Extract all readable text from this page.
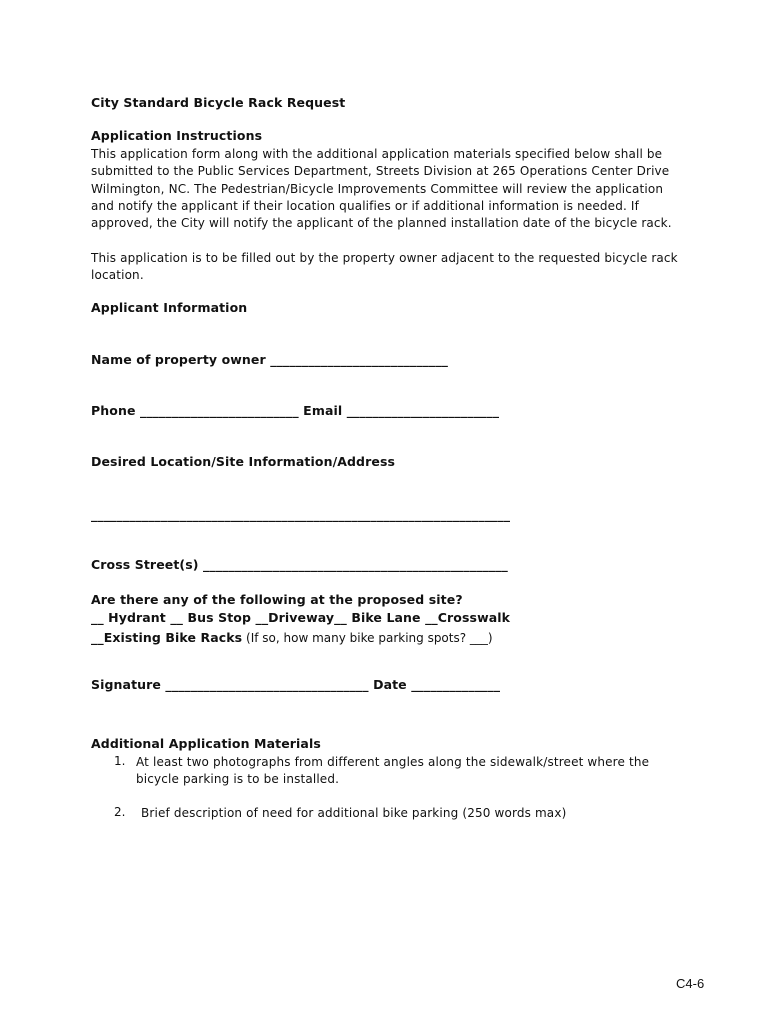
City Standard Bicycle Rack Request
Application Instructions
This application form along with the additional application materials specified below shall be
submitted to the Public Services Department, Streets Division at 265 Operations Center Drive
Wilmington, NC. The Pedestrian/Bicycle Improvements Committee will review the application
and notify the applicant if their location qualifies or if additional information is needed. If
approved, the City will notify the applicant of the planned installation date of the bicycle rack.
This application is to be filled out by the property owner adjacent to the requested bicycle rack
location.
Applicant Information
Name of property owner ____________________________
Phone _________________________ Email ________________________
Desired Location/Site Information/Address
__________________________________________________________________
Cross Street(s) ________________________________________________
Are there any of the following at the proposed site?
__ Hydrant __ Bus Stop __Driveway__ Bike Lane __Crosswalk
__Existing Bike Racks (If so, how many bike parking spots? ___)
Signature ________________________________ Date ______________
Additional Application Materials
1. At least two photographs from different angles along the sidewalk/street where the
bicycle parking is to be installed.
2. Brief description of need for additional bike parking (250 words max)
C4-6
